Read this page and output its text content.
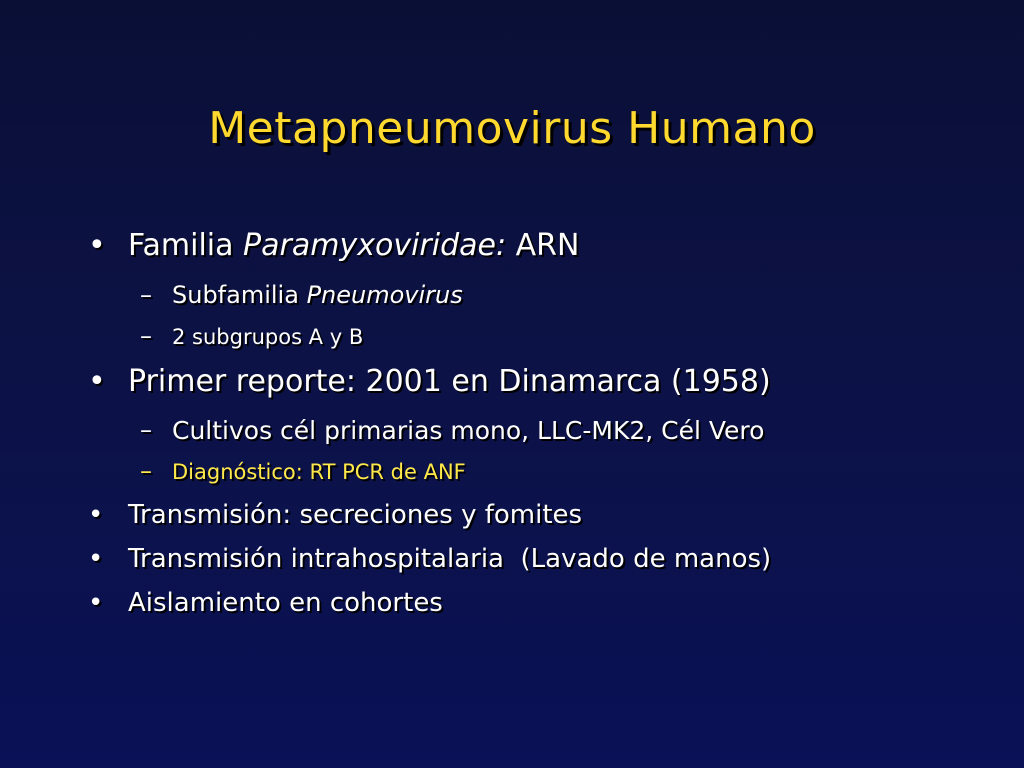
Metapneumovirus Humano
• Familia Paramyxoviridae: ARN
– Subfamilia Pneumovirus
– 2 subgrupos A y B
• Primer reporte: 2001 en Dinamarca (1958)
– Cultivos cél primarias mono, LLC-MK2, Cél Vero
– Diagnóstico: RT PCR de ANF
• Transmisión: secreciones y fomites
• Transmisión intrahospitalaria  (Lavado de manos)
• Aislamiento en cohortes
